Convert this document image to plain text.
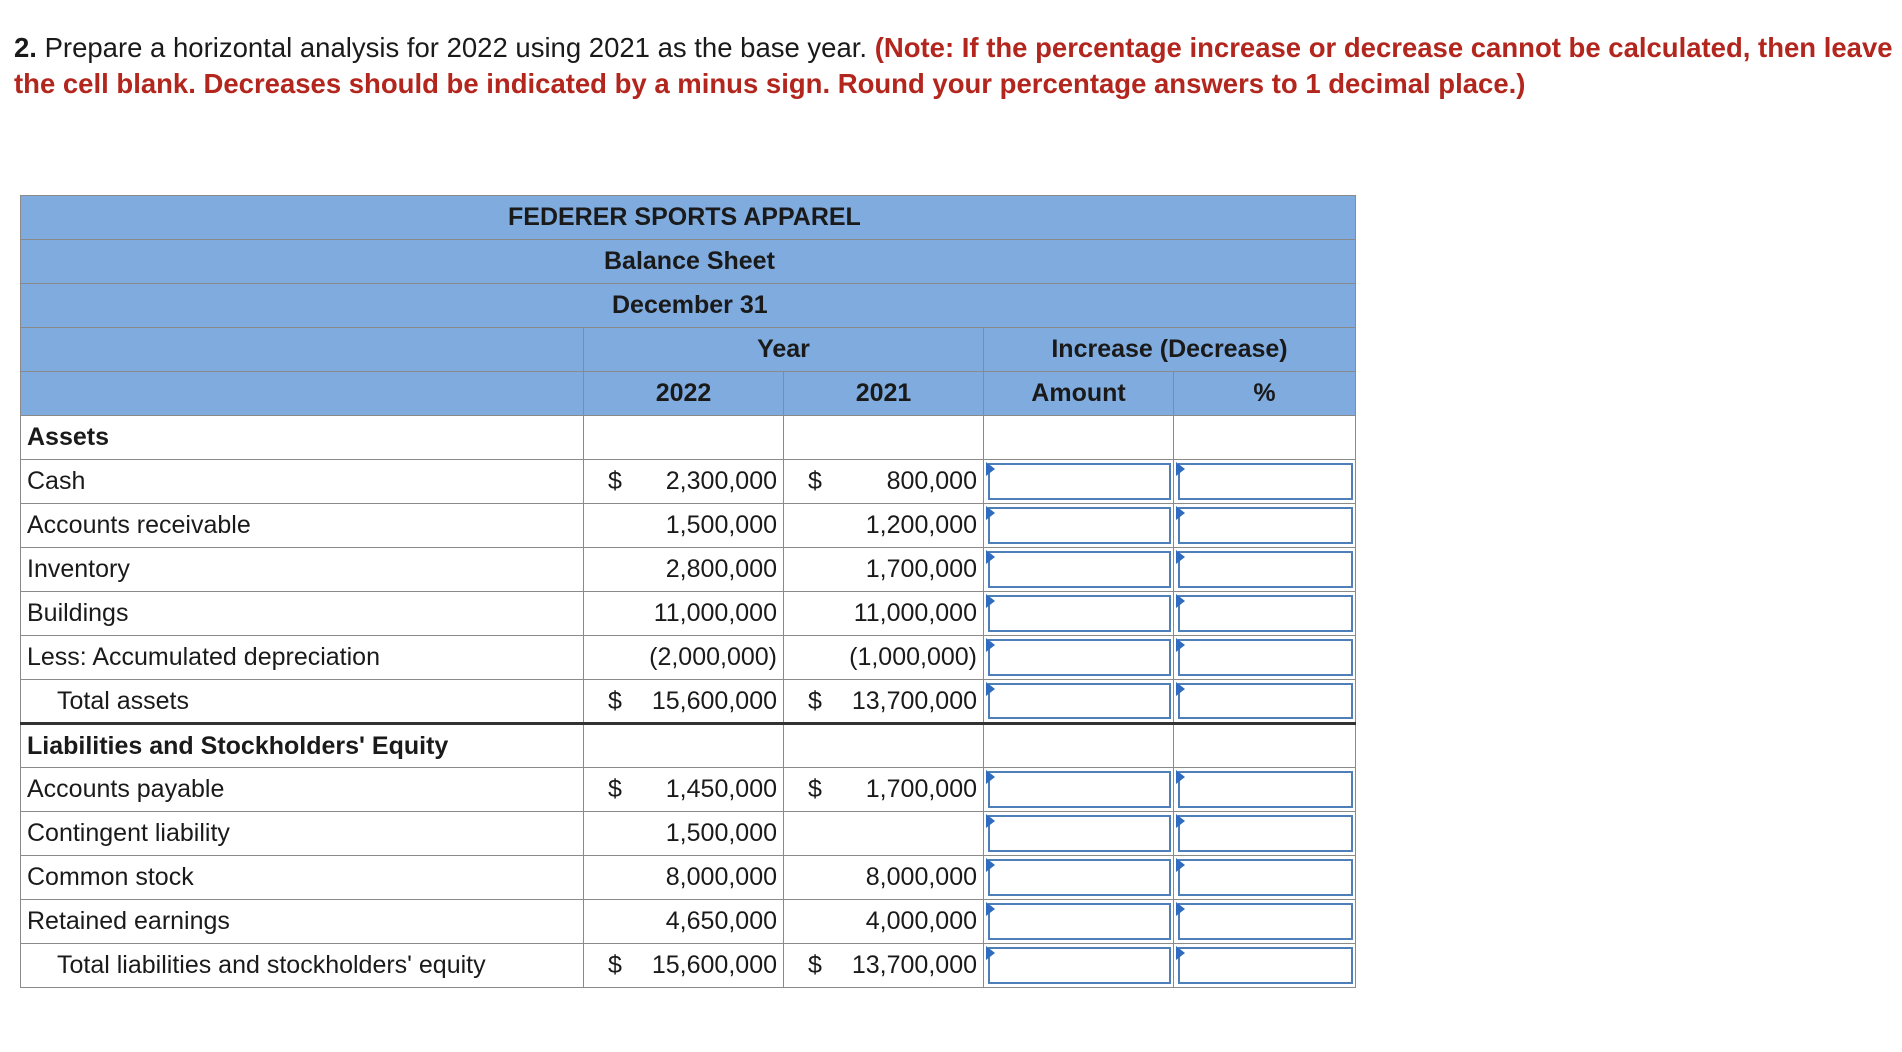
2. Prepare a horizontal analysis for 2022 using 2021 as the base year. (Note: If the percentage increase or decrease cannot be calculated, then leave the cell blank. Decreases should be indicated by a minus sign. Round your percentage answers to 1 decimal place.)
FEDERER SPORTS APPAREL				
Balance Sheet				
December 31				
	Year		Increase (Decrease)	
	2022	2021	Amount	%
Assets				
Cash	$ 2,300,000	$ 800,000	

Accounts receivable	1,500,000	1,200,000	

Inventory	2,800,000	1,700,000	

Buildings	11,000,000	11,000,000	

Less: Accumulated depreciation	(2,000,000)	(1,000,000)	

Total assets	$ 15,600,000	$ 13,700,000	

Liabilities and Stockholders' Equity				
Accounts payable	$ 1,450,000	$ 1,700,000	

Contingent liability	1,500,000		

Common stock	8,000,000	8,000,000	

Retained earnings	4,650,000	4,000,000	

Total liabilities and stockholders' equity	$ 15,600,000	$ 13,700,000	
